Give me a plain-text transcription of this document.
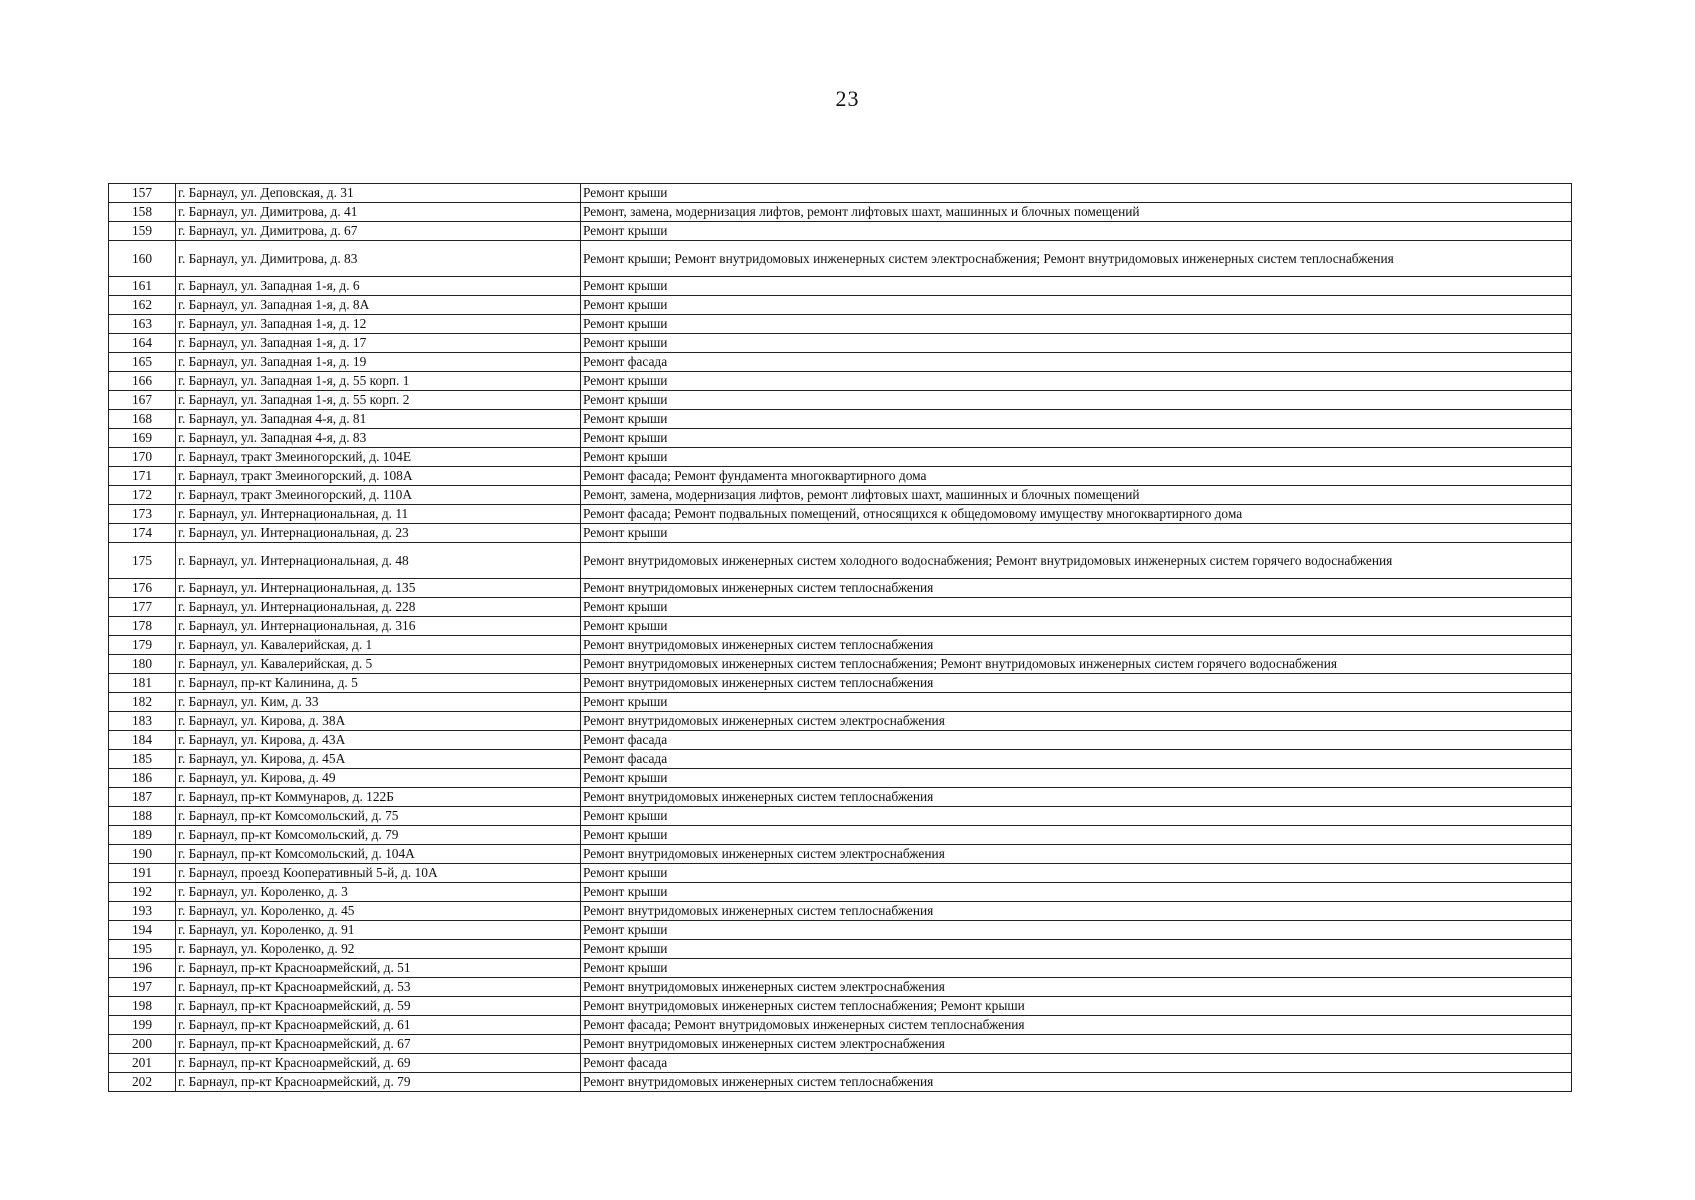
23
157	г. Барнаул, ул. Деповская, д. 31	Ремонт крыши
158	г. Барнаул, ул. Димитрова, д. 41	Ремонт, замена, модернизация лифтов, ремонт лифтовых шахт, машинных и блочных помещений
159	г. Барнаул, ул. Димитрова, д. 67	Ремонт крыши
160	г. Барнаул, ул. Димитрова, д. 83	Ремонт крыши; Ремонт внутридомовых инженерных систем электроснабжения; Ремонт внутридомовых инженерных систем теплоснабжения
161	г. Барнаул, ул. Западная 1-я, д. 6	Ремонт крыши
162	г. Барнаул, ул. Западная 1-я, д. 8А	Ремонт крыши
163	г. Барнаул, ул. Западная 1-я, д. 12	Ремонт крыши
164	г. Барнаул, ул. Западная 1-я, д. 17	Ремонт крыши
165	г. Барнаул, ул. Западная 1-я, д. 19	Ремонт фасада
166	г. Барнаул, ул. Западная 1-я, д. 55 корп. 1	Ремонт крыши
167	г. Барнаул, ул. Западная 1-я, д. 55 корп. 2	Ремонт крыши
168	г. Барнаул, ул. Западная 4-я, д. 81	Ремонт крыши
169	г. Барнаул, ул. Западная 4-я, д. 83	Ремонт крыши
170	г. Барнаул, тракт Змеиногорский, д. 104Е	Ремонт крыши
171	г. Барнаул, тракт Змеиногорский, д. 108А	Ремонт фасада; Ремонт фундамента многоквартирного дома
172	г. Барнаул, тракт Змеиногорский, д. 110А	Ремонт, замена, модернизация лифтов, ремонт лифтовых шахт, машинных и блочных помещений
173	г. Барнаул, ул. Интернациональная, д. 11	Ремонт фасада; Ремонт подвальных помещений, относящихся к общедомовому имуществу многоквартирного дома
174	г. Барнаул, ул. Интернациональная, д. 23	Ремонт крыши
175	г. Барнаул, ул. Интернациональная, д. 48	Ремонт внутридомовых инженерных систем холодного водоснабжения; Ремонт внутридомовых инженерных систем горячего водоснабжения
176	г. Барнаул, ул. Интернациональная, д. 135	Ремонт внутридомовых инженерных систем теплоснабжения
177	г. Барнаул, ул. Интернациональная, д. 228	Ремонт крыши
178	г. Барнаул, ул. Интернациональная, д. 316	Ремонт крыши
179	г. Барнаул, ул. Кавалерийская, д. 1	Ремонт внутридомовых инженерных систем теплоснабжения
180	г. Барнаул, ул. Кавалерийская, д. 5	Ремонт внутридомовых инженерных систем теплоснабжения; Ремонт внутридомовых инженерных систем горячего водоснабжения
181	г. Барнаул, пр-кт Калинина, д. 5	Ремонт внутридомовых инженерных систем теплоснабжения
182	г. Барнаул, ул. Ким, д. 33	Ремонт крыши
183	г. Барнаул, ул. Кирова, д. 38А	Ремонт внутридомовых инженерных систем электроснабжения
184	г. Барнаул, ул. Кирова, д. 43А	Ремонт фасада
185	г. Барнаул, ул. Кирова, д. 45А	Ремонт фасада
186	г. Барнаул, ул. Кирова, д. 49	Ремонт крыши
187	г. Барнаул, пр-кт Коммунаров, д. 122Б	Ремонт внутридомовых инженерных систем теплоснабжения
188	г. Барнаул, пр-кт Комсомольский, д. 75	Ремонт крыши
189	г. Барнаул, пр-кт Комсомольский, д. 79	Ремонт крыши
190	г. Барнаул, пр-кт Комсомольский, д. 104А	Ремонт внутридомовых инженерных систем электроснабжения
191	г. Барнаул, проезд Кооперативный 5-й, д. 10А	Ремонт крыши
192	г. Барнаул, ул. Короленко, д. 3	Ремонт крыши
193	г. Барнаул, ул. Короленко, д. 45	Ремонт внутридомовых инженерных систем теплоснабжения
194	г. Барнаул, ул. Короленко, д. 91	Ремонт крыши
195	г. Барнаул, ул. Короленко, д. 92	Ремонт крыши
196	г. Барнаул, пр-кт Красноармейский, д. 51	Ремонт крыши
197	г. Барнаул, пр-кт Красноармейский, д. 53	Ремонт внутридомовых инженерных систем электроснабжения
198	г. Барнаул, пр-кт Красноармейский, д. 59	Ремонт внутридомовых инженерных систем теплоснабжения; Ремонт крыши
199	г. Барнаул, пр-кт Красноармейский, д. 61	Ремонт фасада; Ремонт внутридомовых инженерных систем теплоснабжения
200	г. Барнаул, пр-кт Красноармейский, д. 67	Ремонт внутридомовых инженерных систем электроснабжения
201	г. Барнаул, пр-кт Красноармейский, д. 69	Ремонт фасада
202	г. Барнаул, пр-кт Красноармейский, д. 79	Ремонт внутридомовых инженерных систем теплоснабжения
